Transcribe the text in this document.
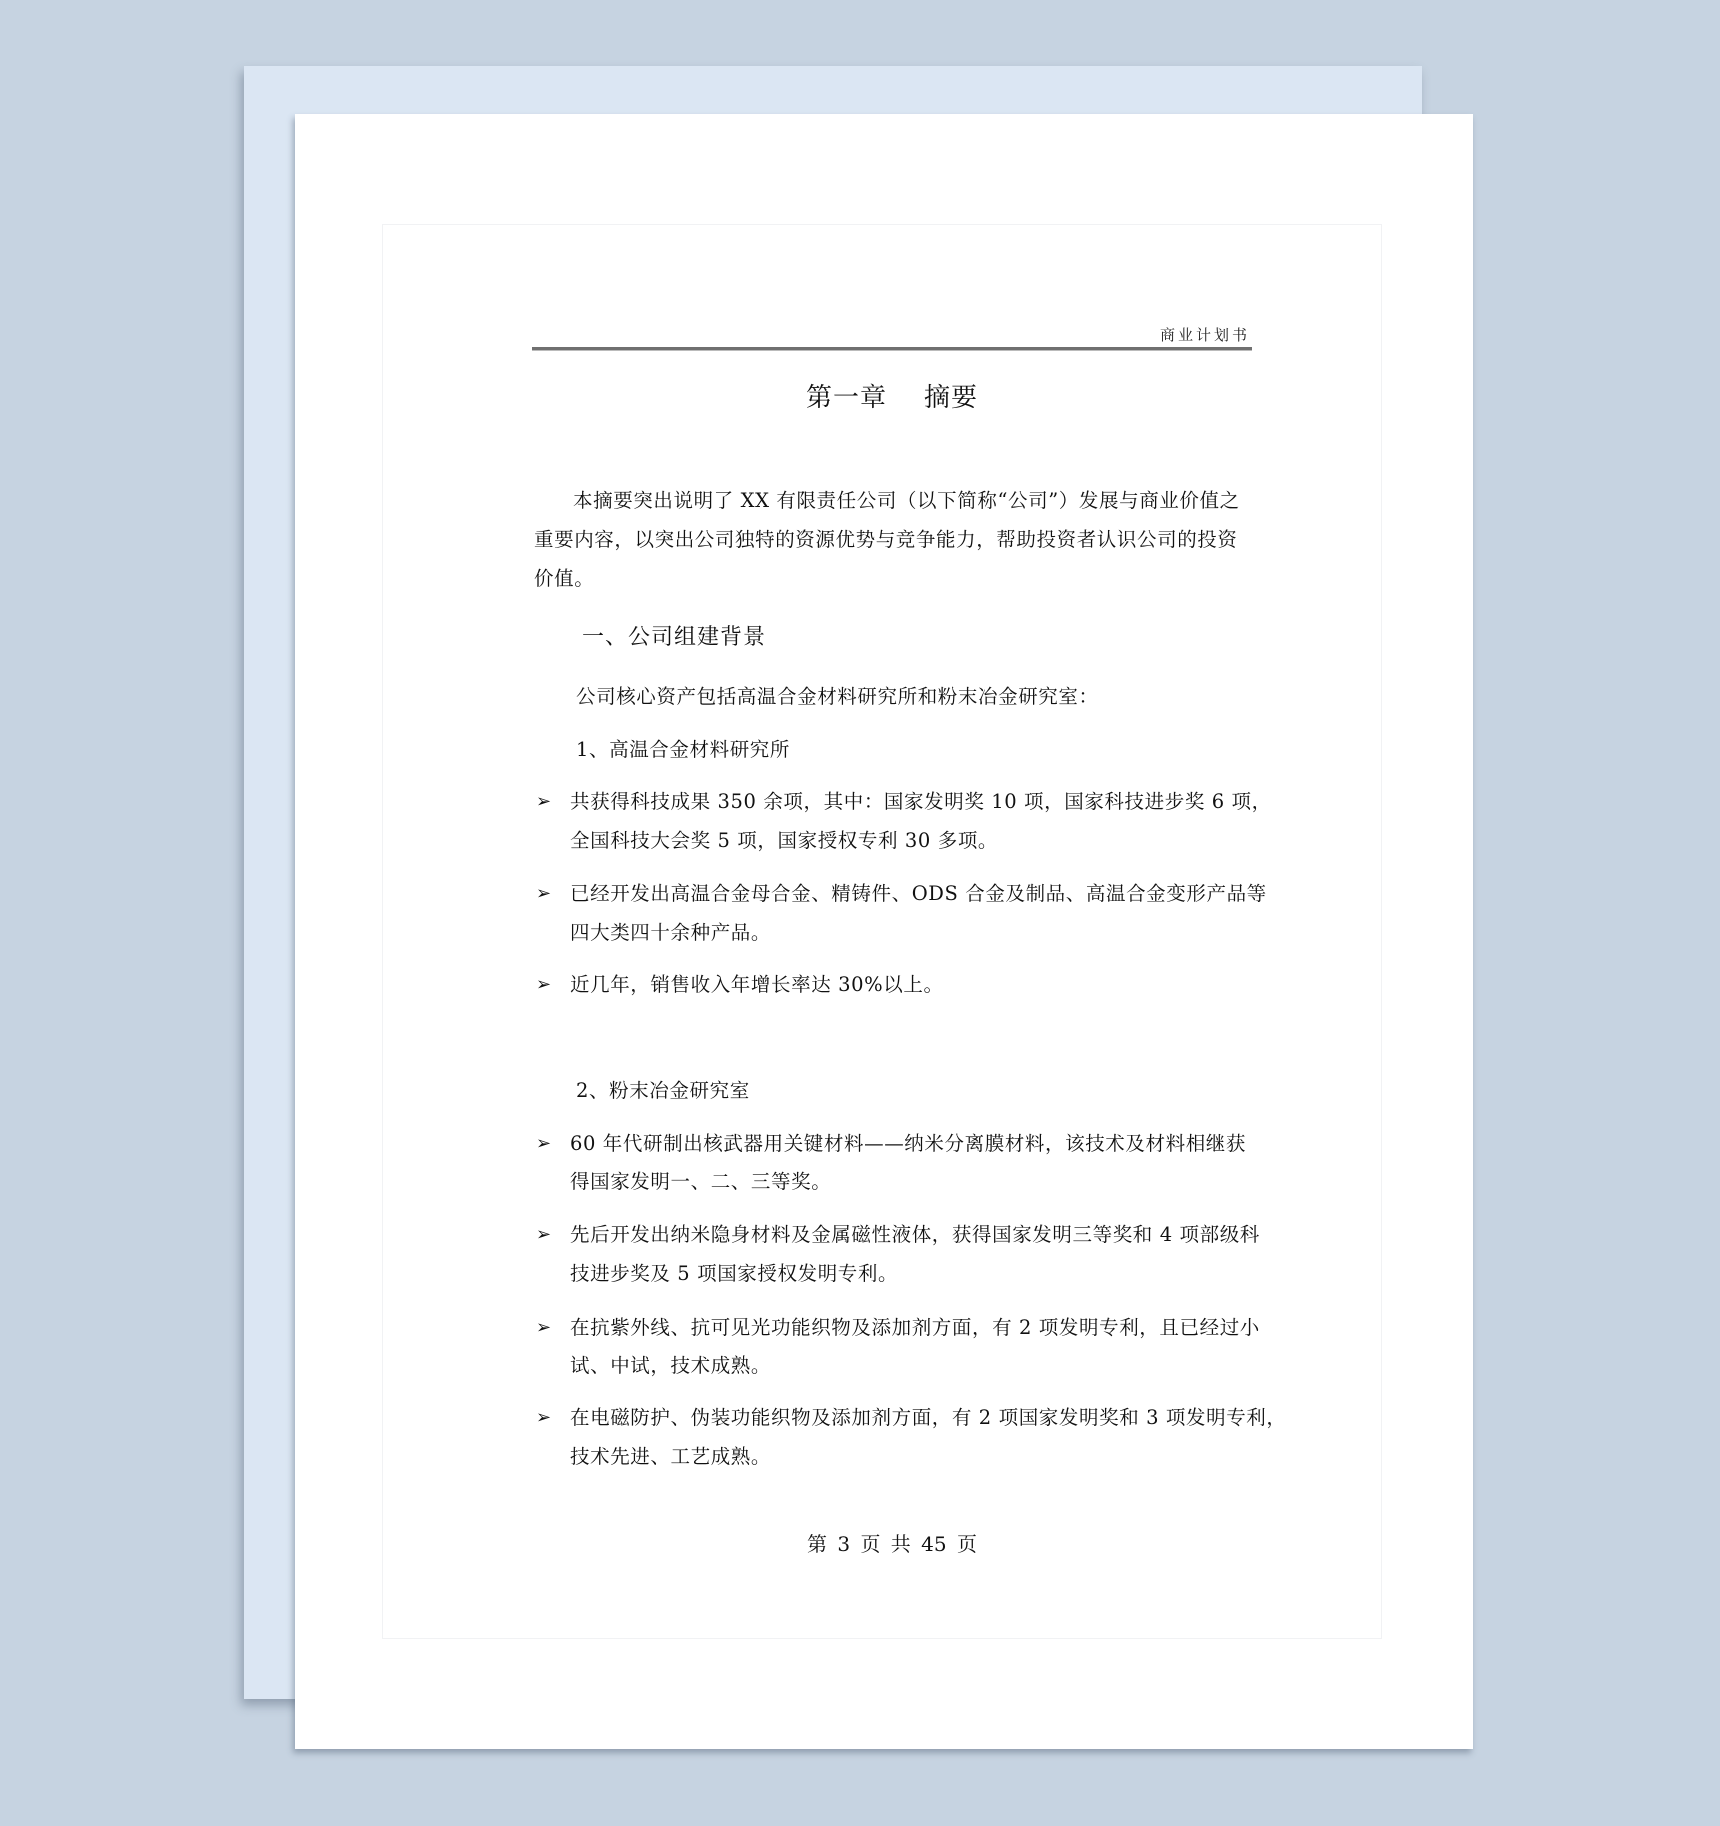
商业计划书
第一章    摘要
本摘要突出说明了 XX 有限责任公司（以下简称“公司”）发展与商业价值之
重要内容，以突出公司独特的资源优势与竞争能力，帮助投资者认识公司的投资
价值。
一、公司组建背景
公司核心资产包括高温合金材料研究所和粉末冶金研究室：
1、高温合金材料研究所
➢ 共获得科技成果 350 余项，其中：国家发明奖 10 项，国家科技进步奖 6 项，
全国科技大会奖 5 项，国家授权专利 30 多项。
➢ 已经开发出高温合金母合金、精铸件、ODS 合金及制品、高温合金变形产品等
四大类四十余种产品。
➢ 近几年，销售收入年增长率达 30%以上。
2、粉末冶金研究室
➢ 60 年代研制出核武器用关键材料——纳米分离膜材料，该技术及材料相继获
得国家发明一、二、三等奖。
➢ 先后开发出纳米隐身材料及金属磁性液体，获得国家发明三等奖和 4 项部级科
技进步奖及 5 项国家授权发明专利。
➢ 在抗紫外线、抗可见光功能织物及添加剂方面，有 2 项发明专利，且已经过小
试、中试，技术成熟。
➢ 在电磁防护、伪装功能织物及添加剂方面，有 2 项国家发明奖和 3 项发明专利，
技术先进、工艺成熟。
第 3 页 共 45 页
